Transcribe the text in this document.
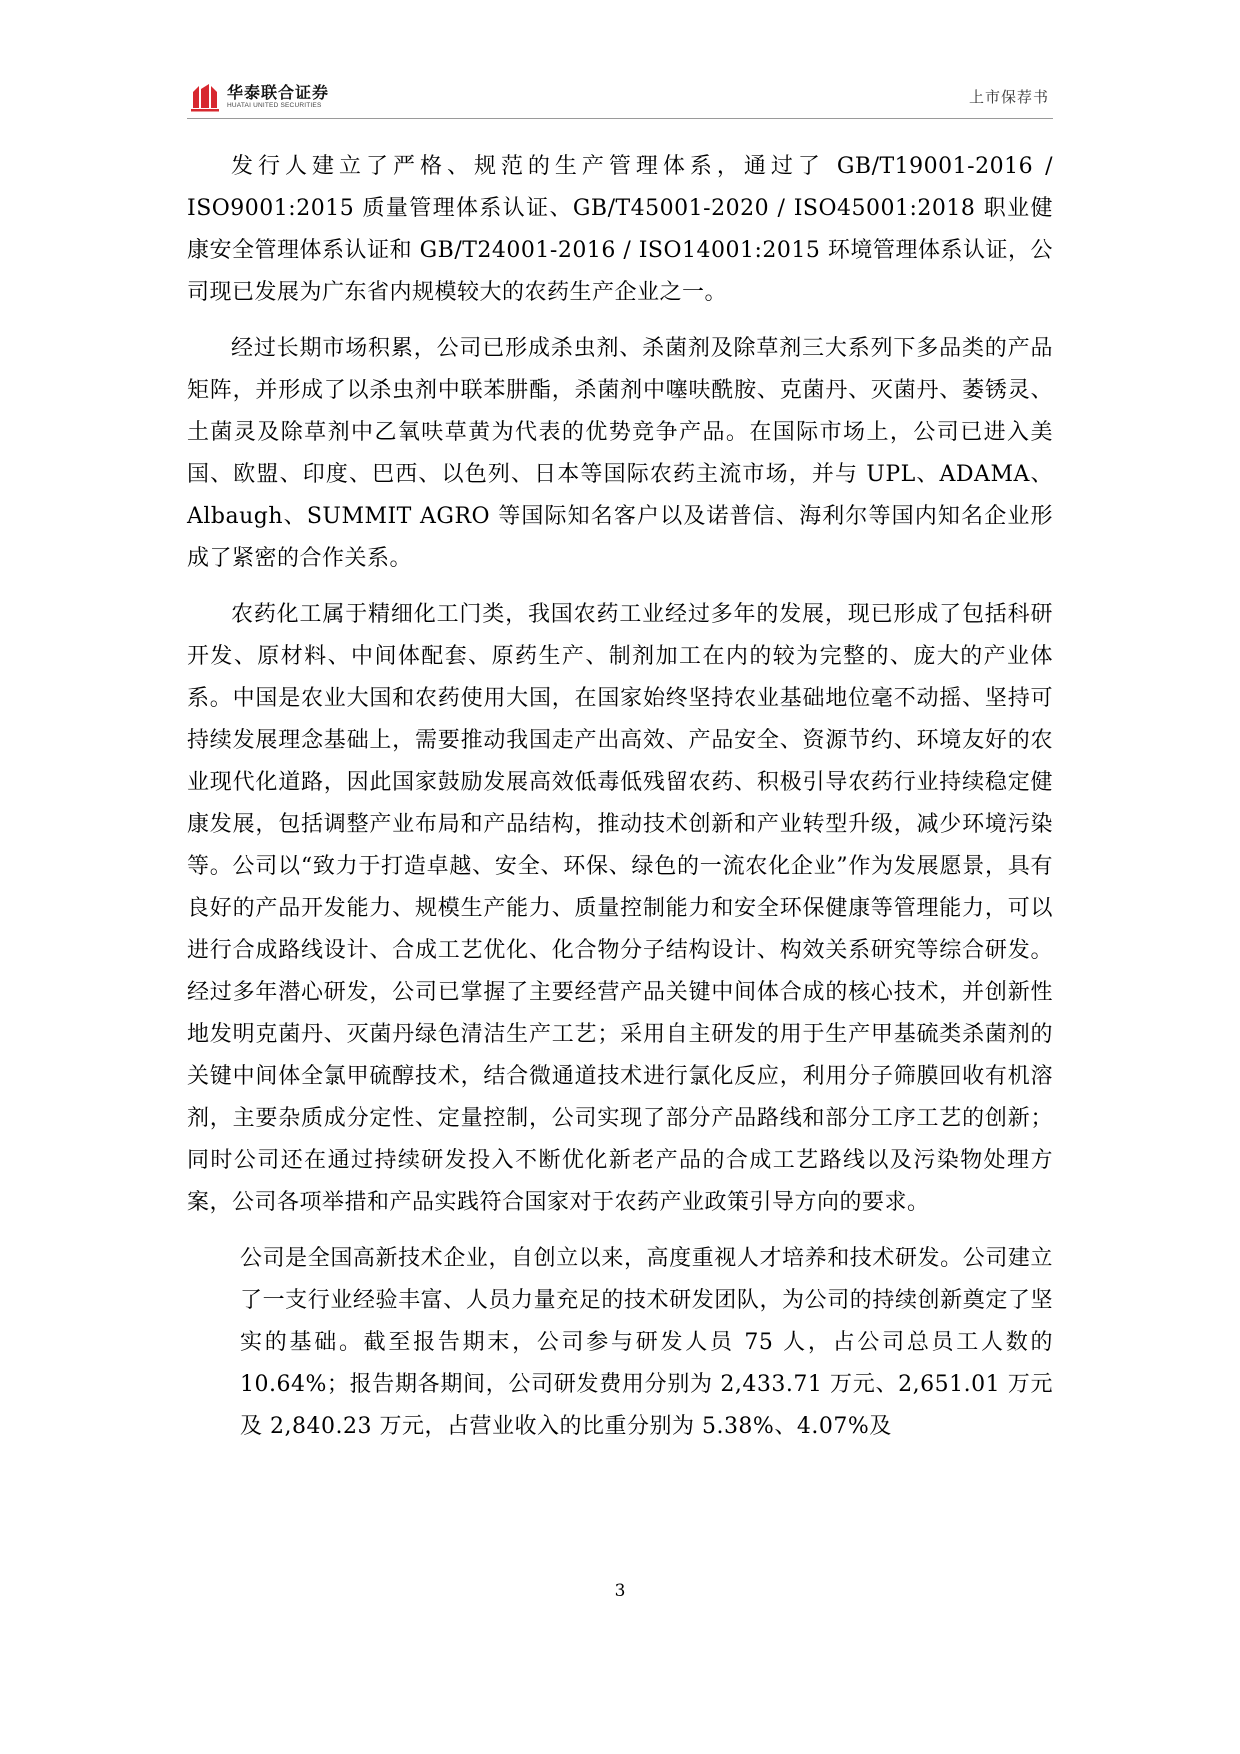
华泰联合证券
HUATAI UNITED SECURITIES	上市保荐书

发行人建立了严格、规范的生产管理体系，通过了 GB/T19001-2016 / ISO9001:2015 质量管理体系认证、GB/T45001-2020 / ISO45001:2018 职业健康安全管理体系认证和 GB/T24001-2016 / ISO14001:2015 环境管理体系认证，公司现已发展为广东省内规模较大的农药生产企业之一。

经过长期市场积累，公司已形成杀虫剂、杀菌剂及除草剂三大系列下多品类的产品矩阵，并形成了以杀虫剂中联苯肼酯，杀菌剂中噻呋酰胺、克菌丹、灭菌丹、萎锈灵、土菌灵及除草剂中乙氧呋草黄为代表的优势竞争产品。在国际市场上，公司已进入美国、欧盟、印度、巴西、以色列、日本等国际农药主流市场，并与 UPL、ADAMA、Albaugh、SUMMIT AGRO 等国际知名客户以及诺普信、海利尔等国内知名企业形成了紧密的合作关系。

农药化工属于精细化工门类，我国农药工业经过多年的发展，现已形成了包括科研开发、原材料、中间体配套、原药生产、制剂加工在内的较为完整的、庞大的产业体系。中国是农业大国和农药使用大国，在国家始终坚持农业基础地位毫不动摇、坚持可持续发展理念基础上，需要推动我国走产出高效、产品安全、资源节约、环境友好的农业现代化道路，因此国家鼓励发展高效低毒低残留农药、积极引导农药行业持续稳定健康发展，包括调整产业布局和产品结构，推动技术创新和产业转型升级，减少环境污染等。公司以“致力于打造卓越、安全、环保、绿色的一流农化企业”作为发展愿景，具有良好的产品开发能力、规模生产能力、质量控制能力和安全环保健康等管理能力，可以进行合成路线设计、合成工艺优化、化合物分子结构设计、构效关系研究等综合研发。经过多年潜心研发，公司已掌握了主要经营产品关键中间体合成的核心技术，并创新性地发明克菌丹、灭菌丹绿色清洁生产工艺；采用自主研发的用于生产甲基硫类杀菌剂的关键中间体全氯甲硫醇技术，结合微通道技术进行氯化反应，利用分子筛膜回收有机溶剂，主要杂质成分定性、定量控制，公司实现了部分产品路线和部分工序工艺的创新；同时公司还在通过持续研发投入不断优化新老产品的合成工艺路线以及污染物处理方案，公司各项举措和产品实践符合国家对于农药产业政策引导方向的要求。

公司是全国高新技术企业，自创立以来，高度重视人才培养和技术研发。公司建立了一支行业经验丰富、人员力量充足的技术研发团队，为公司的持续创新奠定了坚实的基础。截至报告期末，公司参与研发人员 75 人，占公司总员工人数的 10.64%；报告期各期间，公司研发费用分别为 2,433.71 万元、2,651.01 万元及 2,840.23 万元，占营业收入的比重分别为 5.38%、4.07%及

3
